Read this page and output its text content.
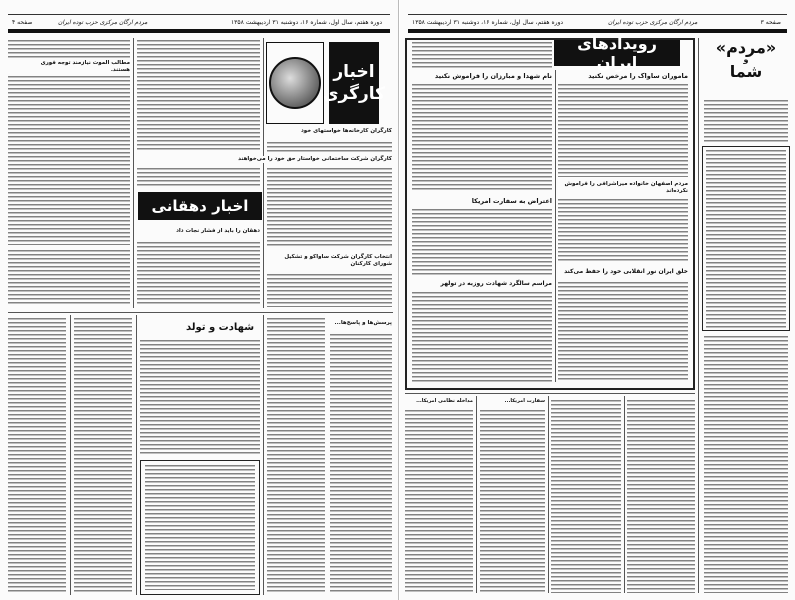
صفحه ۴	مردم ارگان مرکزی حزب توده ایران	دوره هفتم، سال اول، شماره ۱۶، دوشنبه ۳۱ اردیبهشت ۱۳۵۸
مطالب الموت نیازمند توجه فوری هستند.	اخبار کارگری
کارگران کارخانه‌ها خواستهای خود
کارگران شرکت ساختمانی خواستار حق خود را می‌خواهند
اخبار دهقانی
دهقان را باید از فشار نجات داد
انتخاب کارگران شرکت ساواکو و تشکیل شورای کارکنان
شهادت و تولد	پرسش‌ها و پاسخ‌ها...
دوره هفتم، سال اول، شماره ۱۶، دوشنبه ۳۱ اردیبهشت ۱۳۵۸	مردم ارگان مرکزی حزب توده ایران	صفحه ۳
رویدادهای ایران
نام شهدا و مبارزان را فراموش نکنید	ماموران ساواک را مرخص نکنید
اعتراض به سفارت امریکا
مردم اصفهان خانواده میراشرافی را فراموش نکرده‌اند
مراسم سالگرد شهادت روزبه در تولهر
خلق ایران نور انقلابی خود را حفظ می‌کند
«مردم»
و
شما
مداخله نظامی امریکا...	سفارت امریکا...
